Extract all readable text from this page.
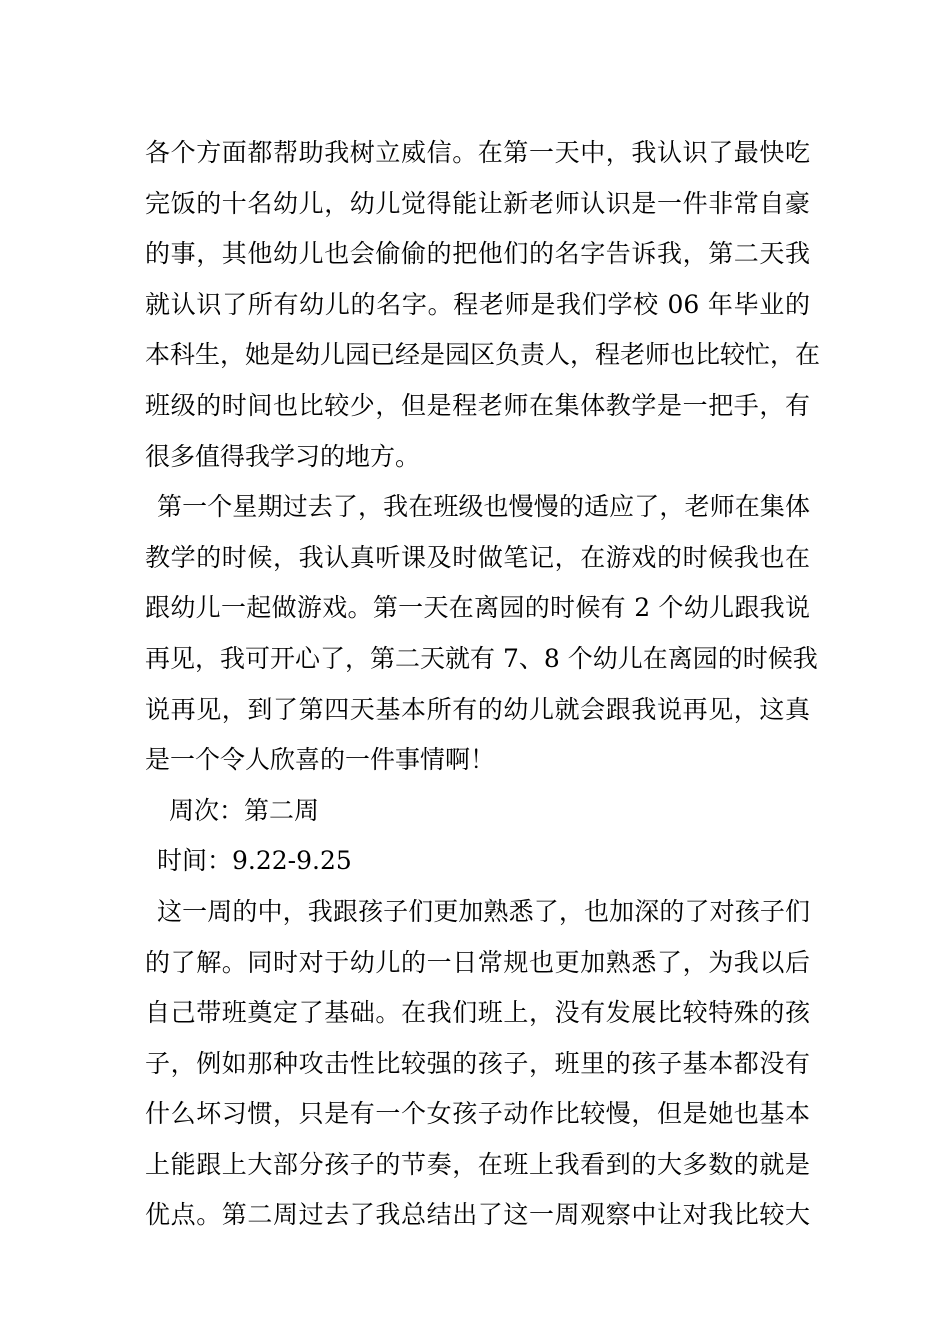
各个方面都帮助我树立威信。在第一天中，我认识了最快吃
完饭的十名幼儿，幼儿觉得能让新老师认识是一件非常自豪
的事，其他幼儿也会偷偷的把他们的名字告诉我，第二天我
就认识了所有幼儿的名字。程老师是我们学校 06 年毕业的
本科生，她是幼儿园已经是园区负责人，程老师也比较忙，在
班级的时间也比较少，但是程老师在集体教学是一把手，有
很多值得我学习的地方。
第一个星期过去了，我在班级也慢慢的适应了，老师在集体
教学的时候，我认真听课及时做笔记，在游戏的时候我也在
跟幼儿一起做游戏。第一天在离园的时候有 2 个幼儿跟我说
再见，我可开心了，第二天就有 7、8 个幼儿在离园的时候我
说再见，到了第四天基本所有的幼儿就会跟我说再见，这真
是一个令人欣喜的一件事情啊！
周次：第二周
时间：9.22-9.25
这一周的中，我跟孩子们更加熟悉了，也加深的了对孩子们
的了解。同时对于幼儿的一日常规也更加熟悉了，为我以后
自己带班奠定了基础。在我们班上，没有发展比较特殊的孩
子，例如那种攻击性比较强的孩子，班里的孩子基本都没有
什么坏习惯，只是有一个女孩子动作比较慢，但是她也基本
上能跟上大部分孩子的节奏，在班上我看到的大多数的就是
优点。第二周过去了我总结出了这一周观察中让对我比较大
